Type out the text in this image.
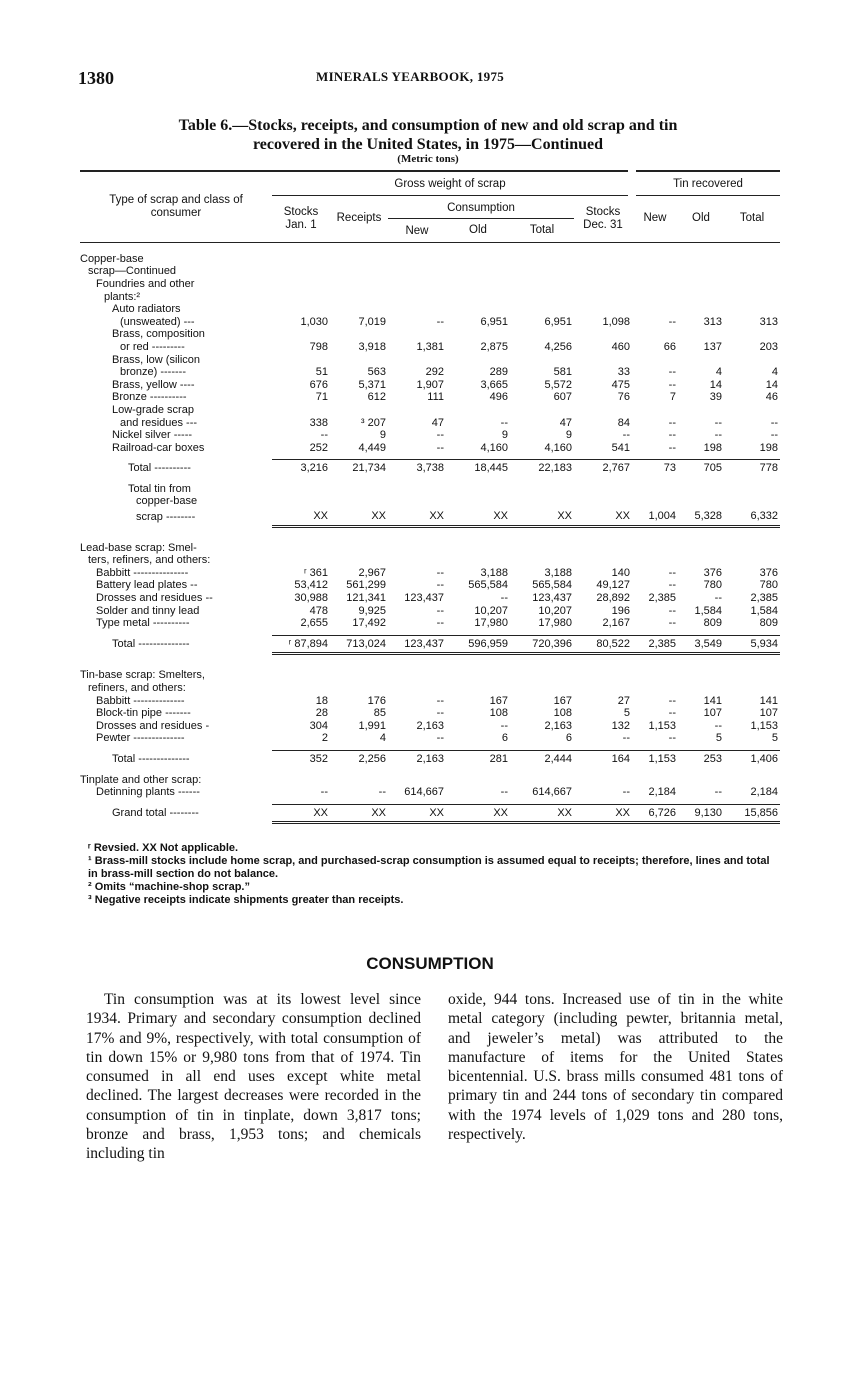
1380	MINERALS YEARBOOK, 1975
Table 6.—Stocks, receipts, and consumption of new and old scrap and tin
recovered in the United States, in 1975—Continued
(Metric tons)
Type of scrap and class of consumer	Gross weight of scrap						Tin recovered		
	Stocks Jan. 1	Receipts	Consumption			Stocks Dec. 31	New	Old	Total
			New	Old	Total				

Copper-base									
scrap—Continued									
Foundries and other									
plants:²									
Auto radiators									
(unsweated) ---	1,030	7,019	--	6,951	6,951	1,098	--	313	313
Brass, composition									
or red ---------	798	3,918	1,381	2,875	4,256	460	66	137	203
Brass, low (silicon									
bronze) -------	51	563	292	289	581	33	--	4	4
Brass, yellow ----	676	5,371	1,907	3,665	5,572	475	--	14	14
Bronze ----------	71	612	111	496	607	76	7	39	46
Low-grade scrap									
and residues ---	338	³ 207	47	--	47	84	--	--	--
Nickel silver -----	--	9	--	9	9	--	--	--	--
Railroad-car boxes	252	4,449	--	4,160	4,160	541	--	198	198

Total ----------	3,216	21,734	3,738	18,445	22,183	2,767	73	705	778

Total tin from									
copper-base									
scrap --------	XX	XX	XX	XX	XX	XX	1,004	5,328	6,332

Lead-base scrap: Smel-									
ters, refiners, and others:									
Babbitt ---------------	ʳ 361	2,967	--	3,188	3,188	140	--	376	376
Battery lead plates --	53,412	561,299	--	565,584	565,584	49,127	--	780	780
Drosses and residues --	30,988	121,341	123,437	--	123,437	28,892	2,385	--	2,385
Solder and tinny lead	478	9,925	--	10,207	10,207	196	--	1,584	1,584
Type metal ----------	2,655	17,492	--	17,980	17,980	2,167	--	809	809

Total --------------	ʳ 87,894	713,024	123,437	596,959	720,396	80,522	2,385	3,549	5,934

Tin-base scrap: Smelters,									
refiners, and others:									
Babbitt --------------	18	176	--	167	167	27	--	141	141
Block-tin pipe -------	28	85	--	108	108	5	--	107	107
Drosses and residues -	304	1,991	2,163	--	2,163	132	1,153	--	1,153
Pewter --------------	2	4	--	6	6	--	--	5	5

Total --------------	352	2,256	2,163	281	2,444	164	1,153	253	1,406

Tinplate and other scrap:									
Detinning plants ------	--	--	614,667	--	614,667	--	2,184	--	2,184

Grand total --------	XX	XX	XX	XX	XX	XX	6,726	9,130	15,856

ʳ Revsied. XX Not applicable.
¹ Brass-mill stocks include home scrap, and purchased-scrap consumption is assumed equal to receipts; therefore, lines and total in brass-mill section do not balance.
² Omits “machine-shop scrap.”
³ Negative receipts indicate shipments greater than receipts.
CONSUMPTION
Tin consumption was at its lowest level since 1934. Primary and secondary consumption declined 17% and 9%, respectively, with total consumption of tin down 15% or 9,980 tons from that of 1974. Tin consumed in all end uses except white metal declined. The largest decreases were recorded in the consumption of tin in tinplate, down 3,817 tons; bronze and brass, 1,953 tons; and chemicals including tin
oxide, 944 tons. Increased use of tin in the white metal category (including pewter, britannia metal, and jeweler’s metal) was attributed to the manufacture of items for the United States bicentennial. U.S. brass mills consumed 481 tons of primary tin and 244 tons of secondary tin compared with the 1974 levels of 1,029 tons and 280 tons, respectively.
